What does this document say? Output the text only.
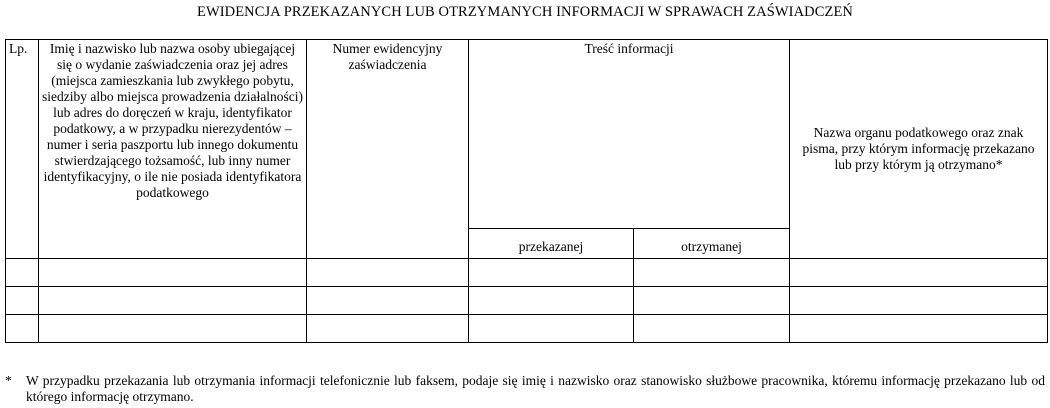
EWIDENCJA PRZEKAZANYCH LUB OTRZYMANYCH INFORMACJI W SPRAWACH ZAŚWIADCZEŃ
Lp.	Imię i nazwisko lub nazwa osoby ubiegającej się o wydanie zaświadczenia oraz jej adres (miejsca zamieszkania lub zwykłego pobytu, siedziby albo miejsca prowadzenia działalności) lub adres do doręczeń w kraju, identyfikator podatkowy, a w przypadku nierezydentów – numer i seria paszportu lub innego dokumentu stwierdzającego tożsamość, lub inny numer identyfikacyjny, o ile nie posiada identyfikatora podatkowego	Numer ewidencyjny zaświadczenia	Treść informacji		Nazwa organu podatkowego oraz znak pisma, przy którym informację przekazano lub przy którym ją otrzymano*
			przekazanej	otrzymanej	

* W przypadku przekazania lub otrzymania informacji telefonicznie lub faksem, podaje się imię i nazwisko oraz stanowisko służbowe pracownika, któremu informację przekazano lub od którego informację otrzymano.
